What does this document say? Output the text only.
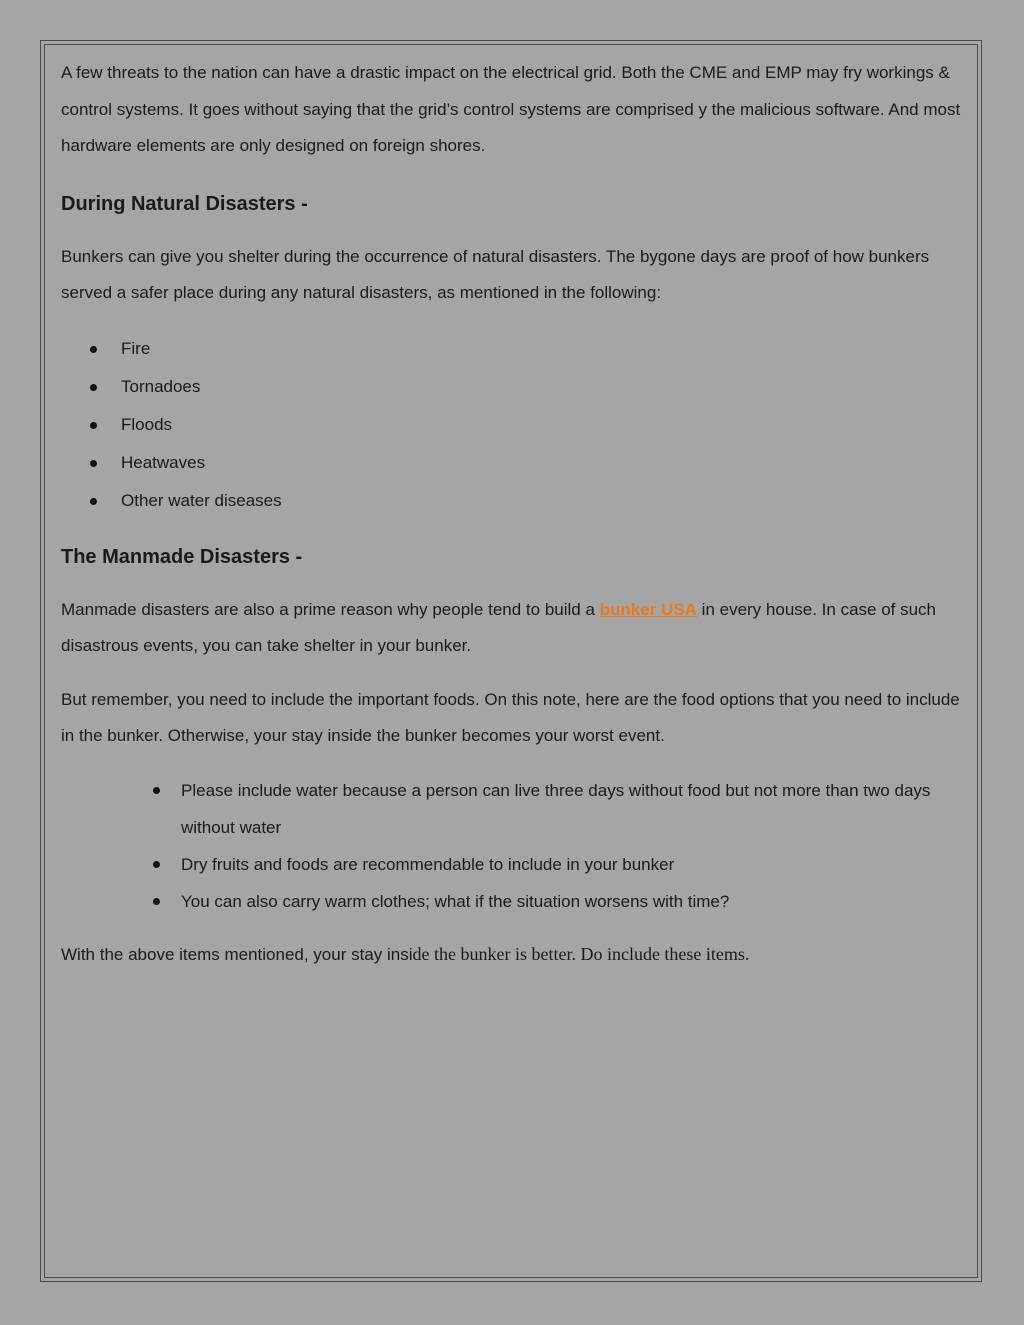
A few threats to the nation can have a drastic impact on the electrical grid. Both the CME and EMP may fry workings & control systems. It goes without saying that the grid’s control systems are comprised y the malicious software. And most hardware elements are only designed on foreign shores.

During Natural Disasters -

Bunkers can give you shelter during the occurrence of natural disasters. The bygone days are proof of how bunkers served a safer place during any natural disasters, as mentioned in the following:

Fire
Tornadoes
Floods
Heatwaves
Other water diseases
The Manmade Disasters -

Manmade disasters are also a prime reason why people tend to build a bunker USA in every house. In case of such disastrous events, you can take shelter in your bunker.

But remember, you need to include the important foods. On this note, here are the food options that you need to include in the bunker. Otherwise, your stay inside the bunker becomes your worst event.

Please include water because a person can live three days without food but not more than two days without water
Dry fruits and foods are recommendable to include in your bunker
You can also carry warm clothes; what if the situation worsens with time?

With the above items mentioned, your stay inside the bunker is better. Do include these items.
